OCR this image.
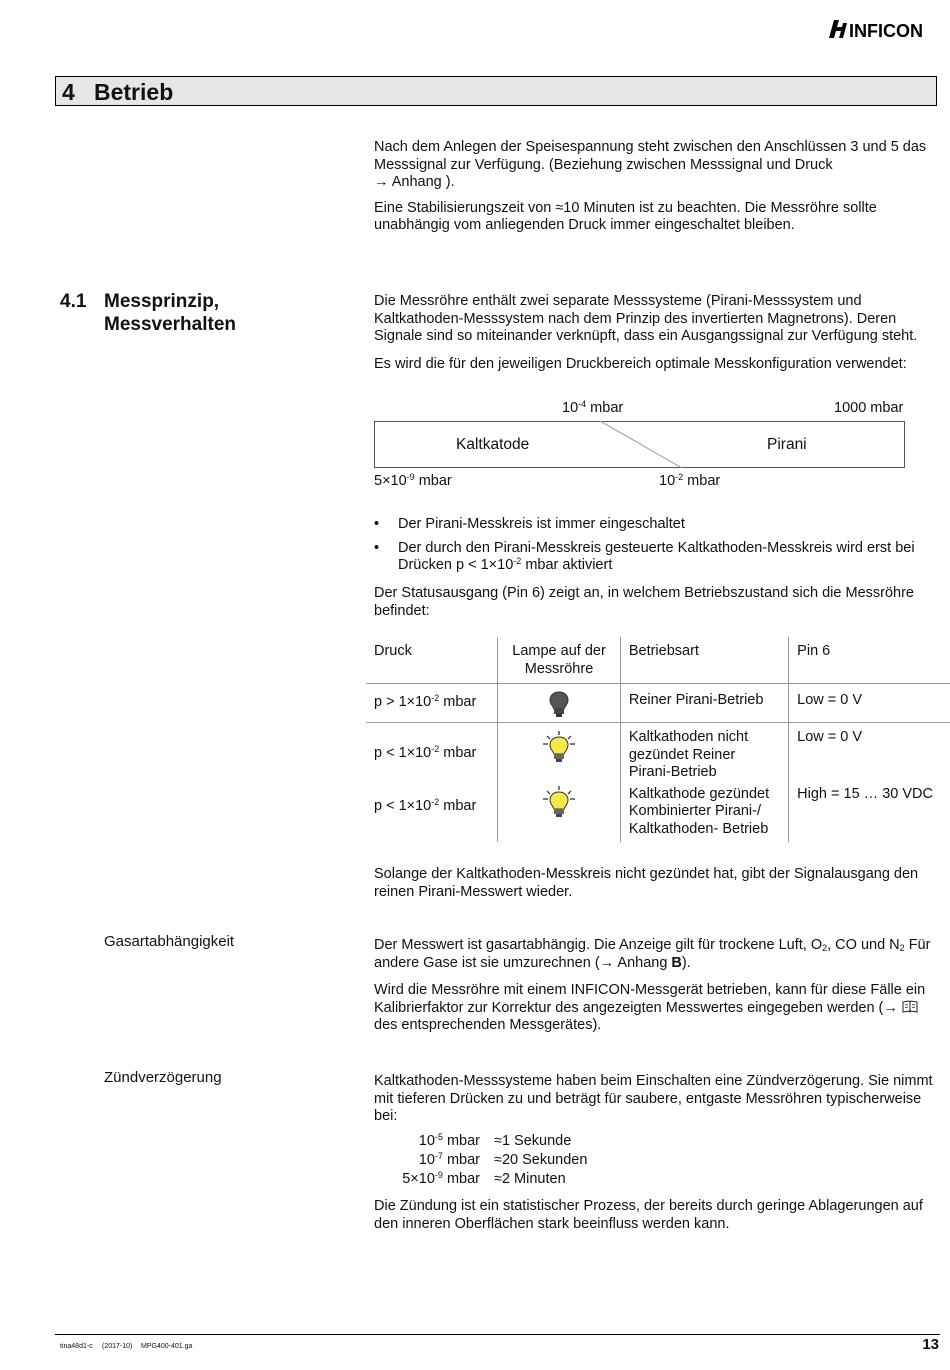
INFICON
4 Betrieb

Nach dem Anlegen der Speisespannung steht zwischen den Anschlüssen 3 und 5 das Messsignal zur Verfügung. (Beziehung zwischen Messsignal und Druck
→ Anhang ).

Eine Stabilisierungszeit von ≈10 Minuten ist zu beachten. Die Messröhre sollte unabhängig vom anliegenden Druck immer eingeschaltet bleiben.

4.1 Messprinzip,
Messverhalten

Die Messröhre enthält zwei separate Messsysteme (Pirani-Messsystem und Kaltkathoden-Messsystem nach dem Prinzip des invertierten Magnetrons). Deren Signale sind so miteinander verknüpft, dass ein Ausgangssignal zur Verfügung steht.

Es wird die für den jeweiligen Druckbereich optimale Messkonfiguration verwendet:

$10^{-4}$ mbar	1000 mbar
Kaltkatode	Pirani
$5\times 10^{-9}$ mbar	$10^{-2}$ mbar
• Der Pirani-Messkreis ist immer eingeschaltet
• Der durch den Pirani-Messkreis gesteuerte Kaltkathoden-Messkreis wird erst bei Drücken $p < 1\times 10^{-2}$ mbar aktiviert
Der Statusausgang (Pin 6) zeigt an, in welchem Betriebszustand sich die Messröhre befindet:
Druck	Lampe auf der Messröhre	Betriebsart	Pin 6
$p > 1\times 10^{-2}$ mbar		Reiner Pirani-Betrieb	Low = 0 V
$p < 1\times 10^{-2}$ mbar		Kaltkathoden nicht gezündet Reiner Pirani-Betrieb	Low = 0 V
$p < 1\times 10^{-2}$ mbar		Kaltkathode gezündet Kombinierter Pirani-/ Kaltkathoden- Betrieb	High = 15 … 30 VDC
Solange der Kaltkathoden-Messkreis nicht gezündet hat, gibt der Signalausgang den reinen Pirani-Messwert wieder.
Gasartabhängigkeit	Der Messwert ist gasartabhängig. Die Anzeige gilt für trockene Luft, $O_2$, CO und $N_2$ Für andere Gase ist sie umzurechnen (→ Anhang B).

Wird die Messröhre mit einem INFICON-Messgerät betrieben, kann für diese Fälle ein Kalibrierfaktor zur Korrektur des angezeigten Messwertes eingegeben werden (→  des entsprechenden Messgerätes).

Zündverzögerung	Kaltkathoden-Messsysteme haben beim Einschalten eine Zündverzögerung. Sie nimmt mit tieferen Drücken zu und beträgt für saubere, entgaste Messröhren typischerweise bei:
$10^{-5}$ mbar ≈1 Sekunde
$10^{-7}$ mbar ≈20 Sekunden
$5\times 10^{-9}$ mbar ≈2 Minuten
Die Zündung ist ein statistischer Prozess, der bereits durch geringe Ablagerungen auf den inneren Oberflächen stark beeinfluss werden kann.
tina48d1-c (2017-10) MPG400-401.ga	13
